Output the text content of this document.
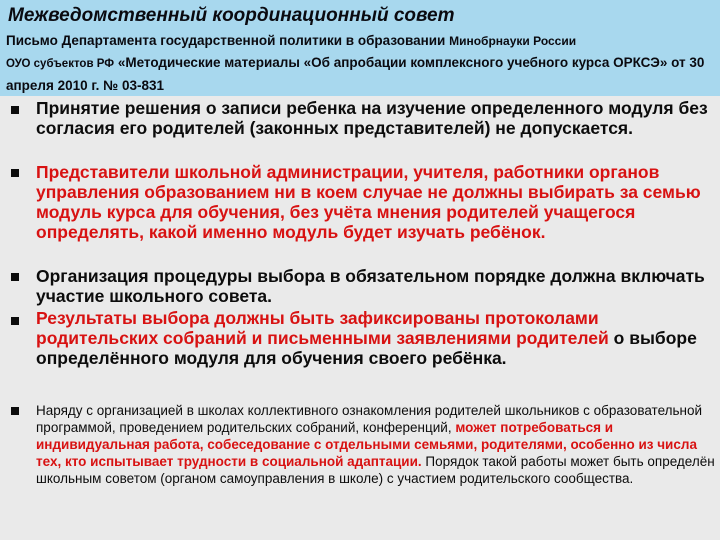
Межведомственный координационный совет
Письмо Департамента государственной политики в образовании Минобрнауки России
ОУО субъектов РФ «Методические материалы «Об апробации комплексного учебного курса ОРКСЭ» от 30 апреля 2010 г. № 03-831
Принятие решения о записи ребенка на изучение определенного модуля без согласия его родителей (законных представителей) не допускается.
Представители школьной администрации, учителя, работники органов управления образованием ни в коем случае не должны выбирать за семью модуль курса для обучения, без учёта мнения родителей учащегося определять, какой именно модуль будет изучать ребёнок.
Организация процедуры выбора в обязательном порядке должна включать участие школьного совета.
Результаты выбора должны быть зафиксированы протоколами родительских собраний и письменными заявлениями родителей о выборе определённого модуля для обучения своего ребёнка.
Наряду с организацией в школах коллективного ознакомления родителей школьников с образовательной программой, проведением родительских собраний, конференций, может потребоваться и индивидуальная работа, собеседование с отдельными семьями, родителями, особенно из числа тех, кто испытывает трудности в социальной адаптации. Порядок такой работы может быть определён школьным советом (органом самоуправления в школе) с участием родительского сообщества.
